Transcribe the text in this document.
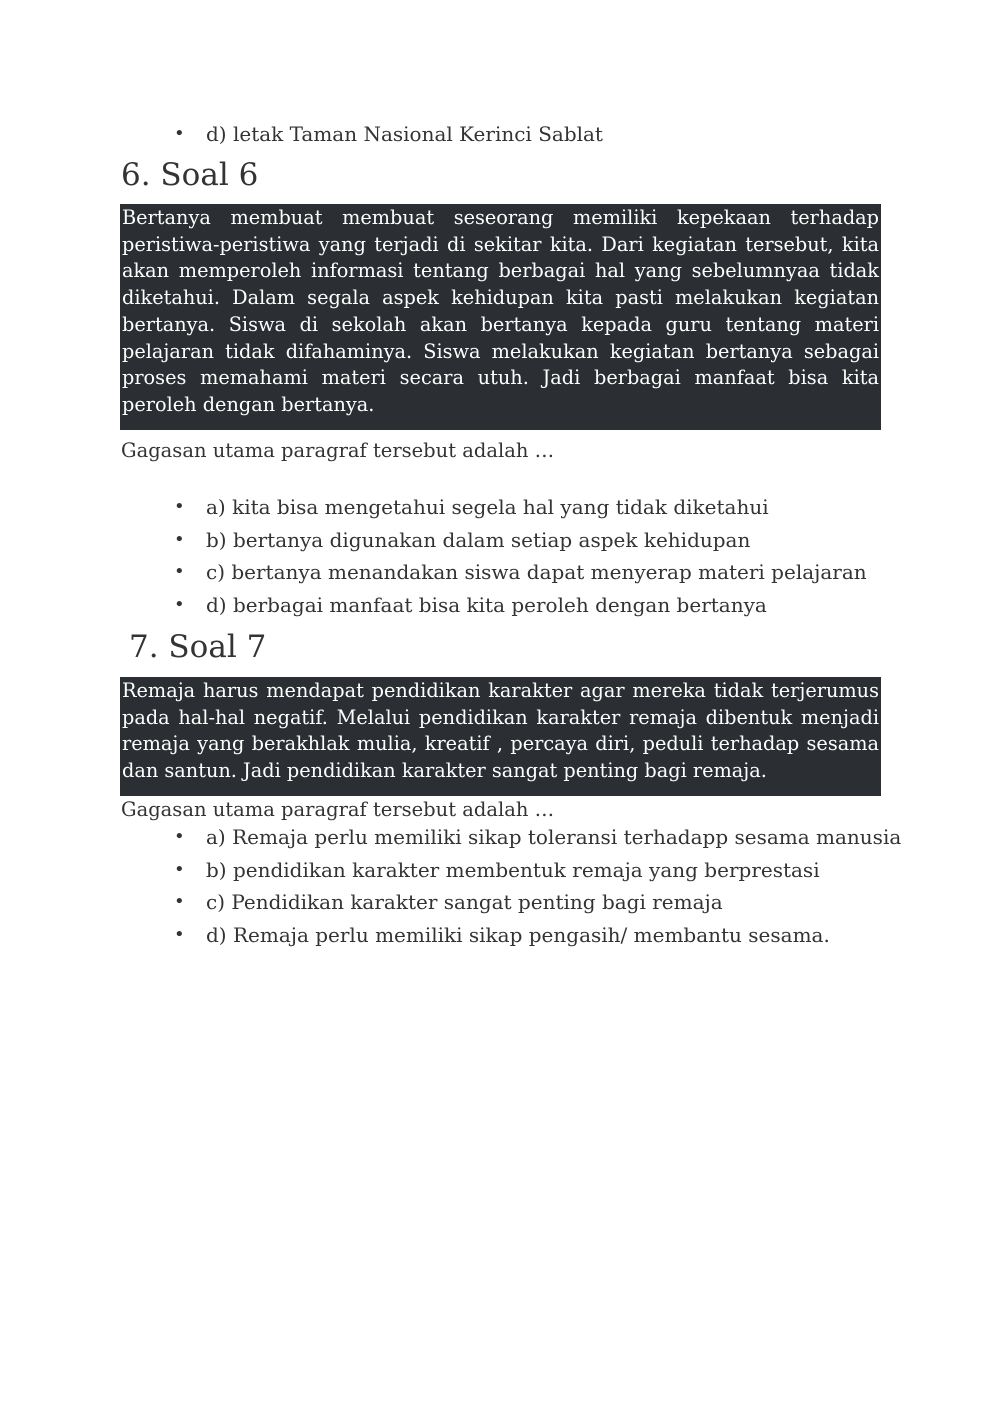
• d) letak Taman Nasional Kerinci Sablat
6. Soal 6

Bertanya membuat membuat seseorang memiliki kepekaan terhadap peristiwa-peristiwa yang terjadi di sekitar kita. Dari kegiatan tersebut, kita akan memperoleh informasi tentang berbagai hal yang sebelumnyaa tidak diketahui. Dalam segala aspek kehidupan kita pasti melakukan kegiatan bertanya. Siswa di sekolah akan bertanya kepada guru tentang materi pelajaran tidak difahaminya. Siswa melakukan kegiatan bertanya sebagai proses memahami materi secara utuh. Jadi berbagai manfaat bisa kita peroleh dengan bertanya.

Gagasan utama paragraf tersebut adalah …

• a) kita bisa mengetahui segela hal yang tidak diketahui
• b) bertanya digunakan dalam setiap aspek kehidupan
• c) bertanya menandakan siswa dapat menyerap materi pelajaran
• d) berbagai manfaat bisa kita peroleh dengan bertanya
7. Soal 7

Remaja harus mendapat pendidikan karakter agar mereka tidak terjerumus pada hal-hal negatif. Melalui pendidikan karakter remaja dibentuk menjadi remaja yang berakhlak mulia, kreatif , percaya diri, peduli terhadap sesama dan santun. Jadi pendidikan karakter sangat penting bagi remaja.

Gagasan utama paragraf tersebut adalah …

• a) Remaja perlu memiliki sikap toleransi terhadapp sesama manusia
• b) pendidikan karakter membentuk remaja yang berprestasi
• c) Pendidikan karakter sangat penting bagi remaja
• d) Remaja perlu memiliki sikap pengasih/ membantu sesama.
